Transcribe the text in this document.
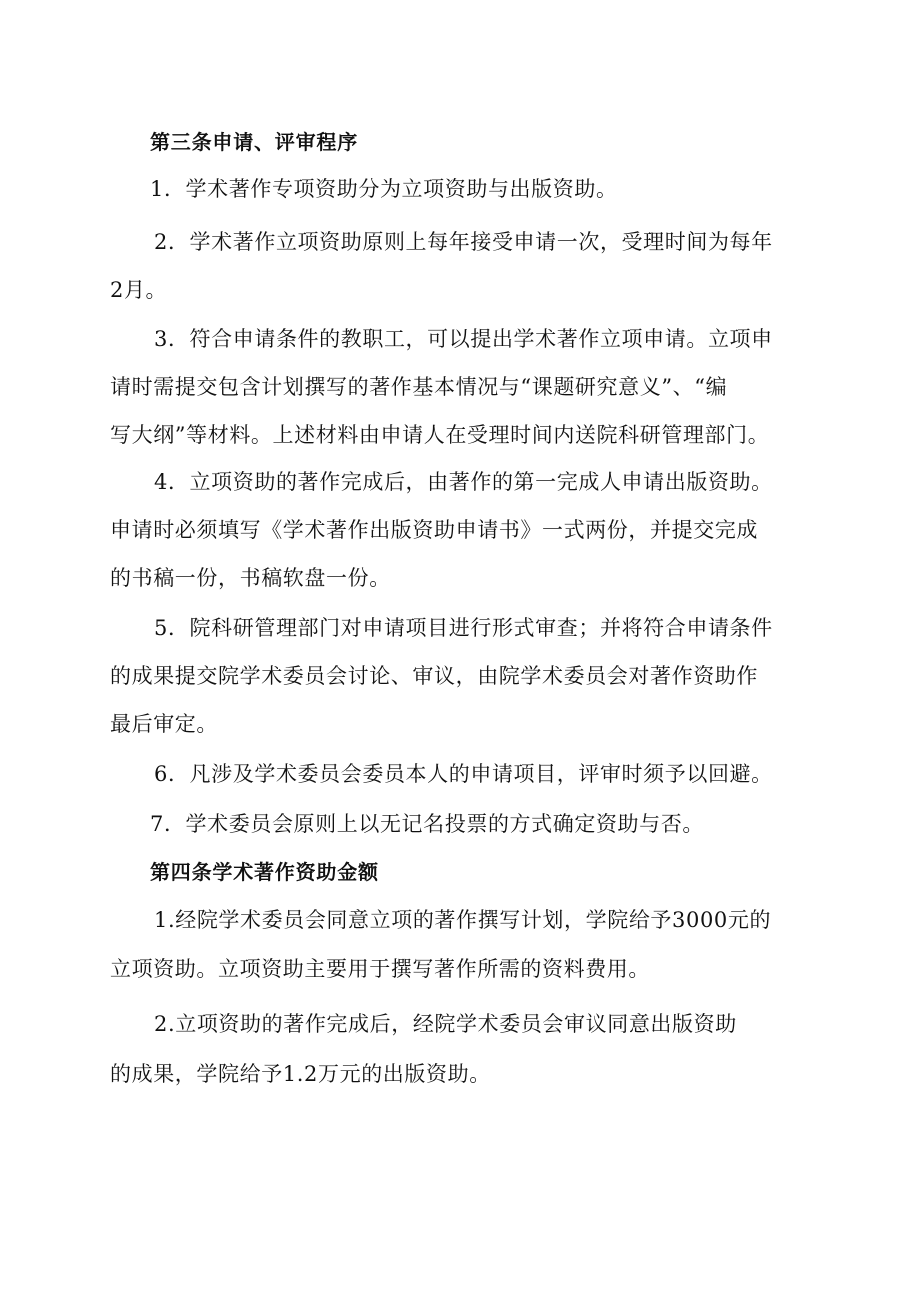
第三条申请、评审程序
1．学术著作专项资助分为立项资助与出版资助。
2．学术著作立项资助原则上每年接受申请一次，受理时间为每年
2月。
3．符合申请条件的教职工，可以提出学术著作立项申请。立项申
请时需提交包含计划撰写的著作基本情况与“课题研究意义”、“编
写大纲”等材料。上述材料由申请人在受理时间内送院科研管理部门。
4．立项资助的著作完成后，由著作的第一完成人申请出版资助。
申请时必须填写《学术著作出版资助申请书》一式两份，并提交完成
的书稿一份，书稿软盘一份。
5．院科研管理部门对申请项目进行形式审查；并将符合申请条件
的成果提交院学术委员会讨论、审议，由院学术委员会对著作资助作
最后审定。
6．凡涉及学术委员会委员本人的申请项目，评审时须予以回避。
7．学术委员会原则上以无记名投票的方式确定资助与否。
第四条学术著作资助金额
1.经院学术委员会同意立项的著作撰写计划，学院给予3000元的
立项资助。立项资助主要用于撰写著作所需的资料费用。
2.立项资助的著作完成后，经院学术委员会审议同意出版资助
的成果，学院给予1.2万元的出版资助。
